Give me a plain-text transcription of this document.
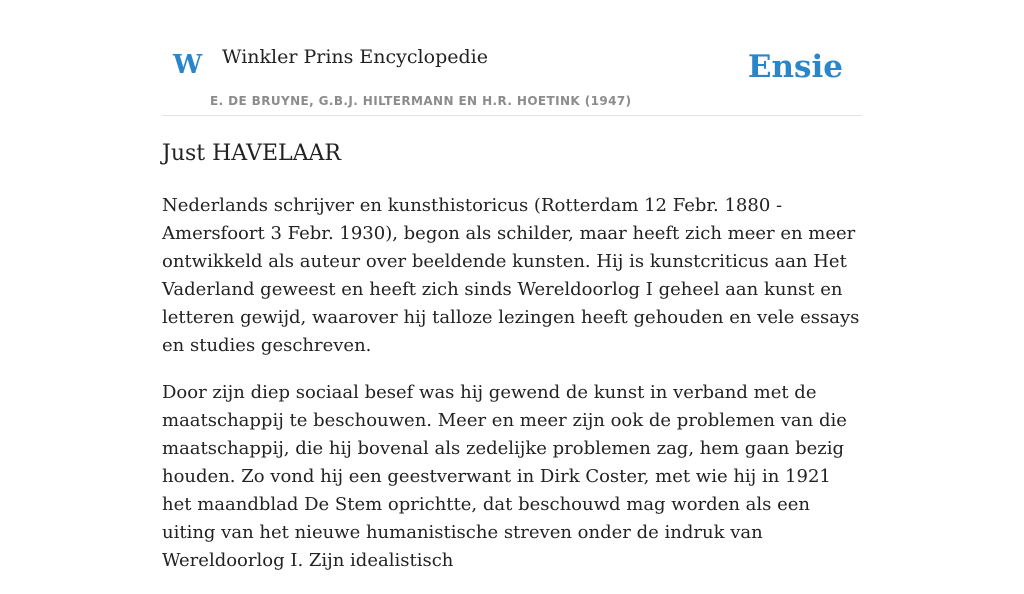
W Winkler Prins Encyclopedie
E. DE BRUYNE, G.B.J. HILTERMANN EN H.R. HOETINK (1947)
Ensie
Just HAVELAAR

Nederlands schrijver en kunsthistoricus (Rotterdam 12 Febr. 1880 - Amersfoort 3 Febr. 1930), begon als schilder, maar heeft zich meer en meer ontwikkeld als auteur over beeldende kunsten. Hij is kunstcriticus aan Het Vaderland geweest en heeft zich sinds Wereldoorlog I geheel aan kunst en letteren gewijd, waarover hij talloze lezingen heeft gehouden en vele essays en studies geschreven.

Door zijn diep sociaal besef was hij gewend de kunst in verband met de maatschappij te beschouwen. Meer en meer zijn ook de problemen van die maatschappij, die hij bovenal als zedelijke problemen zag, hem gaan bezig houden. Zo vond hij een geestverwant in Dirk Coster, met wie hij in 1921 het maandblad De Stem oprichtte, dat beschouwd mag worden als een uiting van het nieuwe humanistische streven onder de indruk van Wereldoorlog I. Zijn idealistisch
